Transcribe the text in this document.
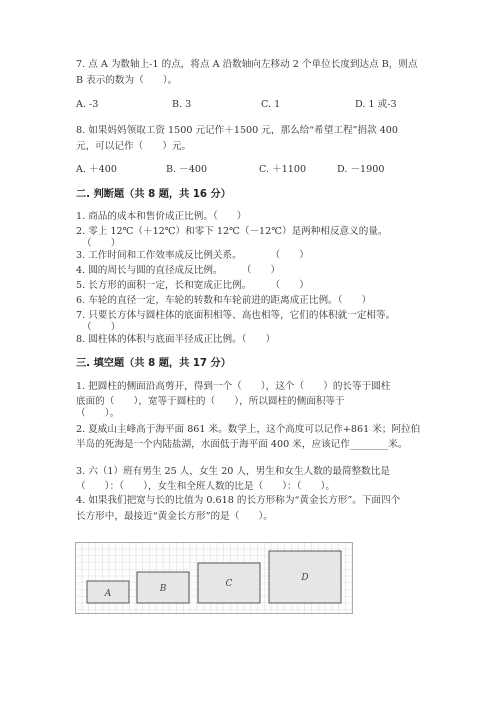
7. 点 A 为数轴上-1 的点，将点 A 沿数轴向左移动 2 个单位长度到达点 B，则点
B 表示的数为（　　）。
A. -3	B. 3	C. 1	D. 1 或-3
8. 如果妈妈领取工资 1500 元记作＋1500 元，那么给“希望工程”捐款 400
元，可以记作（　　）元。
A. ＋400	B. －400	C. ＋1100	D. －1900
二. 判断题（共 8 题，共 16 分）
1. 商品的成本和售价成正比例。（　　）
2. 零上 12℃（＋12℃）和零下 12℃（－12℃）是两种相反意义的量。
（　　）
3. 工作时间和工作效率成反比例关系。　　　　（　　）
4. 圆的周长与圆的直径成反比例。　　　（　　）
5. 长方形的面积一定，长和宽成正比例。　　　（　　）
6. 车轮的直径一定，车轮的转数和车轮前进的距离成正比例。（　　）
7. 只要长方体与圆柱体的底面积相等、高也相等，它们的体积就一定相等。
（　　）
8. 圆柱体的体积与底面半径成正比例。（　　）
三. 填空题（共 8 题，共 17 分）
1. 把圆柱的侧面沿高剪开，得到一个（　　），这个（　　）的长等于圆柱
底面的（　　），宽等于圆柱的（　　），所以圆柱的侧面积等于
（　　）。
2. 夏威山主峰高于海平面 861 米。数学上，这个高度可以记作+861 米；阿拉伯
半岛的死海是一个内陆盐湖，水面低于海平面 400 米，应该记作________米。
3. 六（1）班有男生 25 人，女生 20 人，男生和女生人数的最简整数比是
（　　）：（　　），女生和全班人数的比是（　　）：（　　）。
4. 如果我们把宽与长的比值为 0.618 的长方形称为“黄金长方形”。下面四个
长方形中，最接近“黄金长方形”的是（　　）。
A	B	C
D
